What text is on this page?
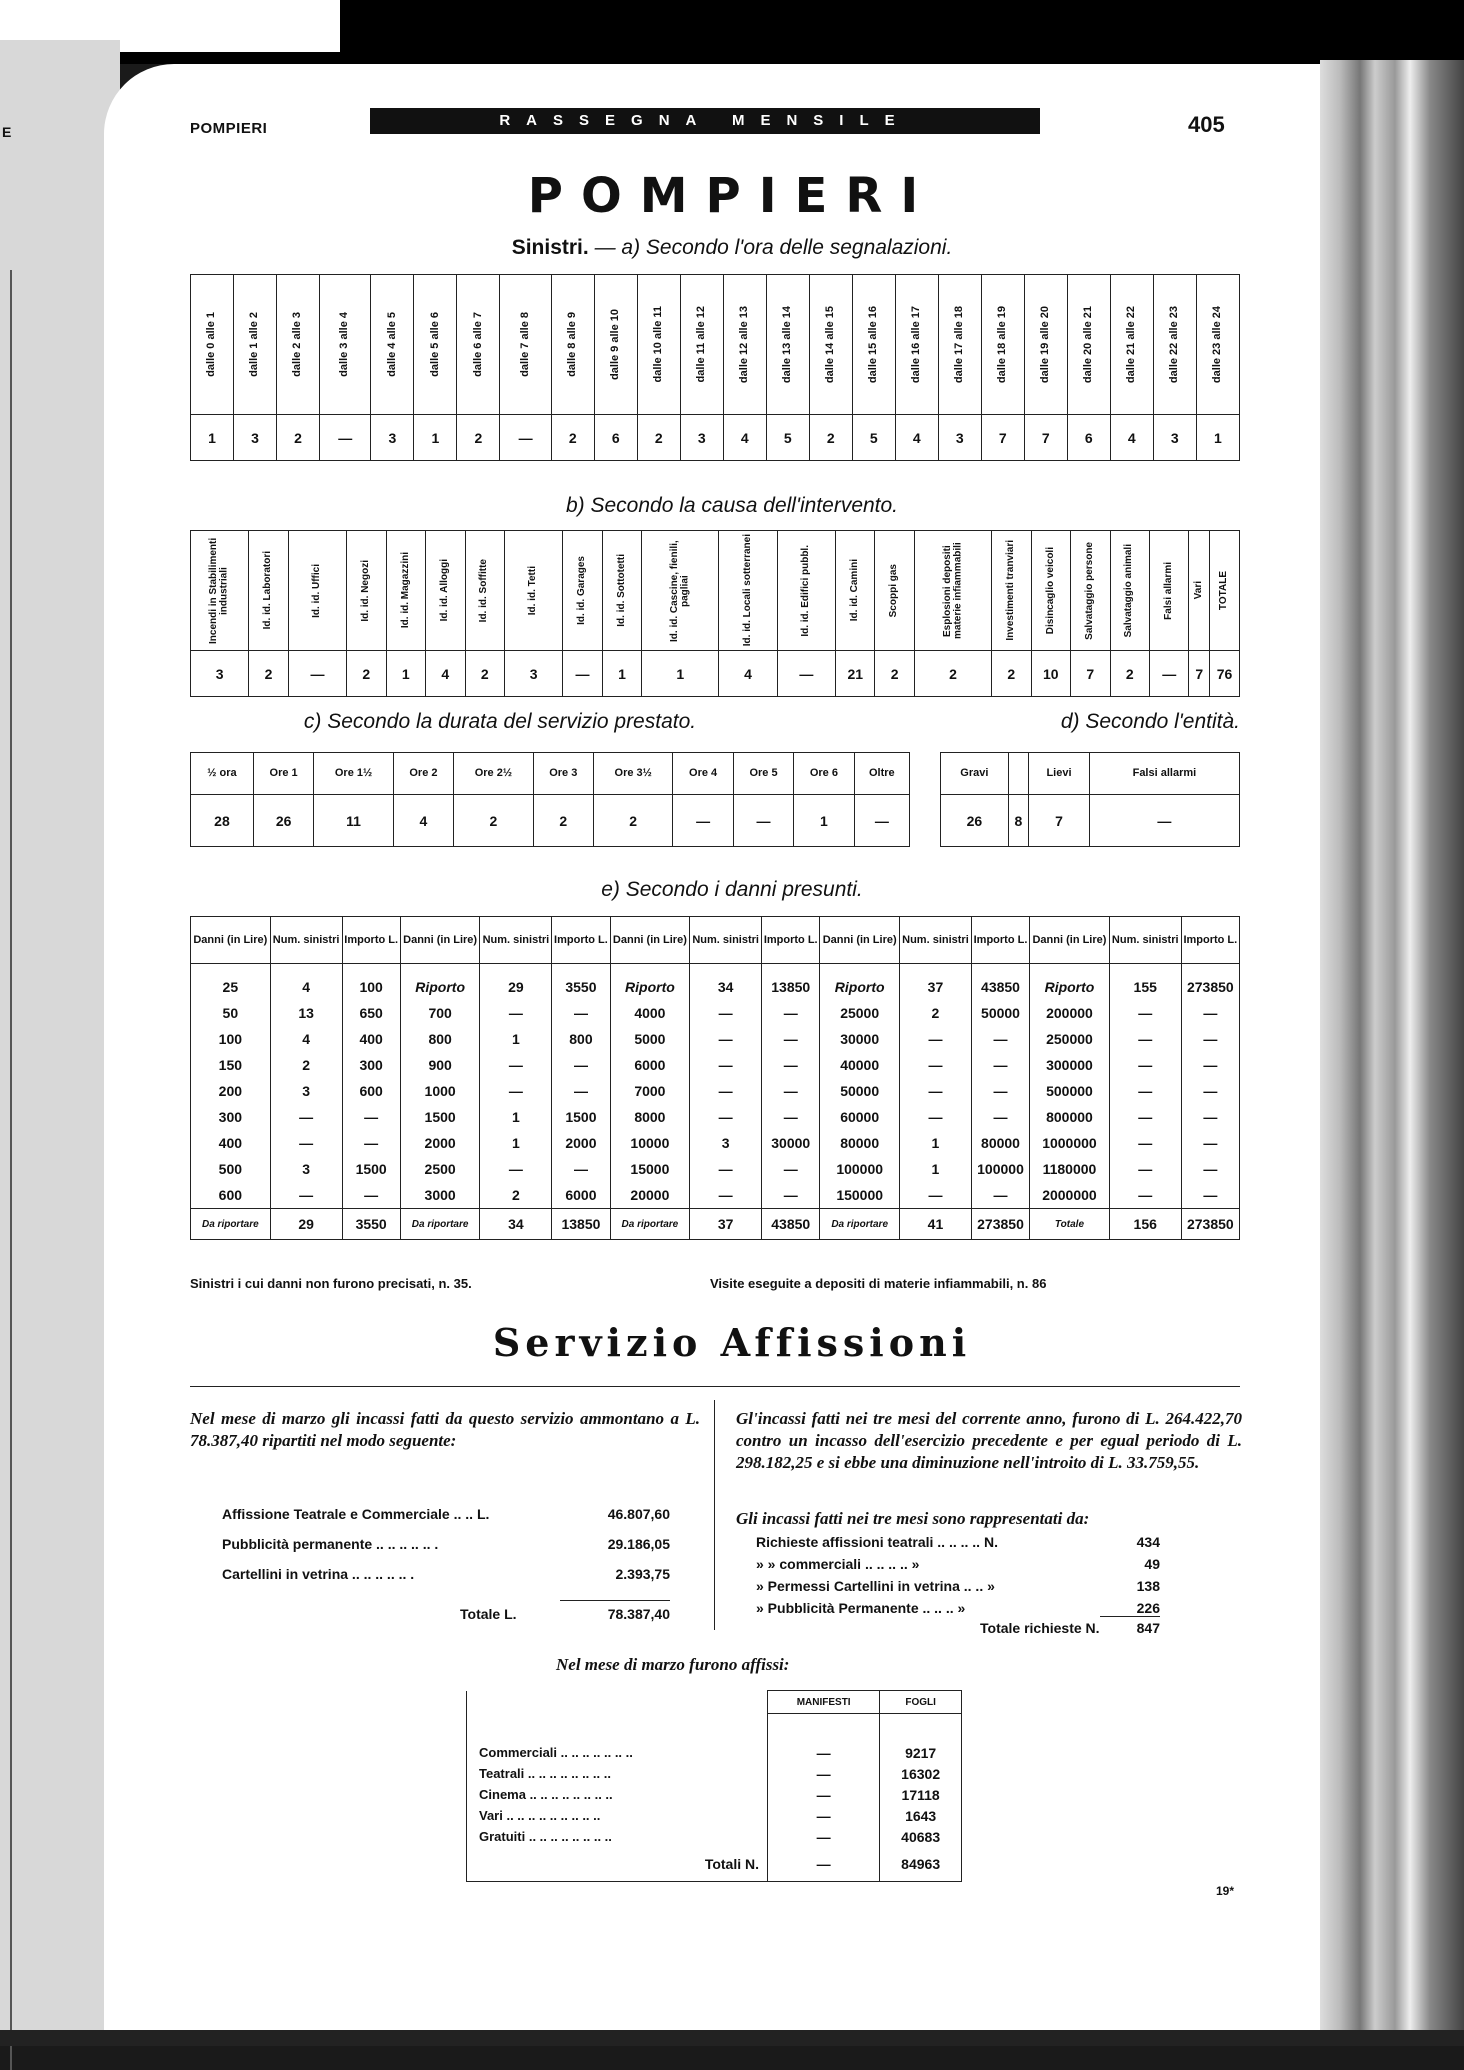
E	POMPIERI	RASSEGNA MENSILE	405
POMPIERI
Sinistri. — a) Secondo l'ora delle segnalazioni.
dalle 0 alle 1	dalle 1 alle 2	dalle 2 alle 3	dalle 3 alle 4	dalle 4 alle 5	dalle 5 alle 6	dalle 6 alle 7	dalle 7 alle 8	dalle 8 alle 9	dalle 9 alle 10	dalle 10 alle 11	dalle 11 alle 12	dalle 12 alle 13	dalle 13 alle 14	dalle 14 alle 15	dalle 15 alle 16	dalle 16 alle 17	dalle 17 alle 18	dalle 18 alle 19	dalle 19 alle 20	dalle 20 alle 21	dalle 21 alle 22	dalle 22 alle 23	dalle 23 alle 24

1	3	2	—	3	1	2	—	2	6	2	3	4	5	2	5	4	3	7	7	6	4	3	1
b) Secondo la causa dell'intervento.
Incendi in Stabilimenti industriali	Id. id. Laboratori	Id. id. Uffici	Id. id. Negozi	Id. id. Magazzini	Id. id. Alloggi	Id. id. Soffitte	Id. id. Tetti	Id. id. Garages	Id. id. Sottotetti	Id. id. Cascine, fienili, pagliai	Id. id. Locali sotterranei	Id. id. Edifici pubbl.	Id. id. Camini	Scoppi gas	Esplosioni depositi materie infiammabili	Investimenti tranviari	Disincaglio veicoli	Salvataggio persone	Salvataggio animali	Falsi allarmi	Vari	TOTALE

3	2	—	2	1	4	2	3	—	1	1	4	—	21	2	2	2	10	7	2	—	7	76
c) Secondo la durata del servizio prestato.	d) Secondo l'entità.
½ ora	Ore 1	Ore 1½	Ore 2	Ore 2½	Ore 3	Ore 3½	Ore 4	Ore 5	Ore 6	Oltre
28	26	11	4	2	2	2	—	—	1	—
Gravi		Lievi	Falsi allarmi
26	8	7	—
e) Secondo i danni presunti.
Danni (in Lire)	Num. sinistri	Importo L.	Danni (in Lire)	Num. sinistri	Importo L.	Danni (in Lire)	Num. sinistri	Importo L.	Danni (in Lire)	Num. sinistri	Importo L.	Danni (in Lire)	Num. sinistri	Importo L.
25	4	100	Riporto	29	3550	Riporto	34	13850	Riporto	37	43850	Riporto	155	273850
50	13	650	700	—	—	4000	—	—	25000	2	50000	200000	—	—
100	4	400	800	1	800	5000	—	—	30000	—	—	250000	—	—
150	2	300	900	—	—	6000	—	—	40000	—	—	300000	—	—
200	3	600	1000	—	—	7000	—	—	50000	—	—	500000	—	—
300	—	—	1500	1	1500	8000	—	—	60000	—	—	800000	—	—
400	—	—	2000	1	2000	10000	3	30000	80000	1	80000	1000000	—	—
500	3	1500	2500	—	—	15000	—	—	100000	1	100000	1180000	—	—
600	—	—	3000	2	6000	20000	—	—	150000	—	—	2000000	—	—
Da riportare	29	3550	Da riportare	34	13850	Da riportare	37	43850	Da riportare	41	273850	Totale	156	273850
Sinistri i cui danni non furono precisati, n. 35.	Visite eseguite a depositi di materie infiammabili, n. 86
Servizio Affissioni
Nel mese di marzo gli incassi fatti da questo servizio ammontano a L. 78.387,40 ripartiti nel modo seguente:
Affissione Teatrale e Commerciale .. .. L.	46.807,60
Pubblicità permanente .. .. .. .. .. .	29.186,05
Cartellini in vetrina .. .. .. .. .. .	2.393,75
Totale L.	78.387,40
Gl'incassi fatti nei tre mesi del corrente anno, furono di L. 264.422,70 contro un incasso dell'esercizio precedente e per egual periodo di L. 298.182,25 e si ebbe una diminuzione nell'introito di L. 33.759,55.
Gli incassi fatti nei tre mesi sono rappresentati da:
Richieste affissioni teatrali .. .. .. .. N.	434
» » commerciali .. .. .. .. »	49
» Permessi Cartellini in vetrina .. .. »	138
» Pubblicità Permanente .. .. .. »	226
Totale richieste N.	847
Nel mese di marzo furono affissi:
	MANIFESTI	FOGLI

Commerciali .. .. .. .. .. .. ..	—	9217
Teatrali .. .. .. .. .. .. .. ..	—	16302
Cinema .. .. .. .. .. .. .. ..	—	17118
Vari .. .. .. .. .. .. .. .. ..	—	1643
Gratuiti .. .. .. .. .. .. .. ..	—	40683
Totali N.	—	84963
19*
